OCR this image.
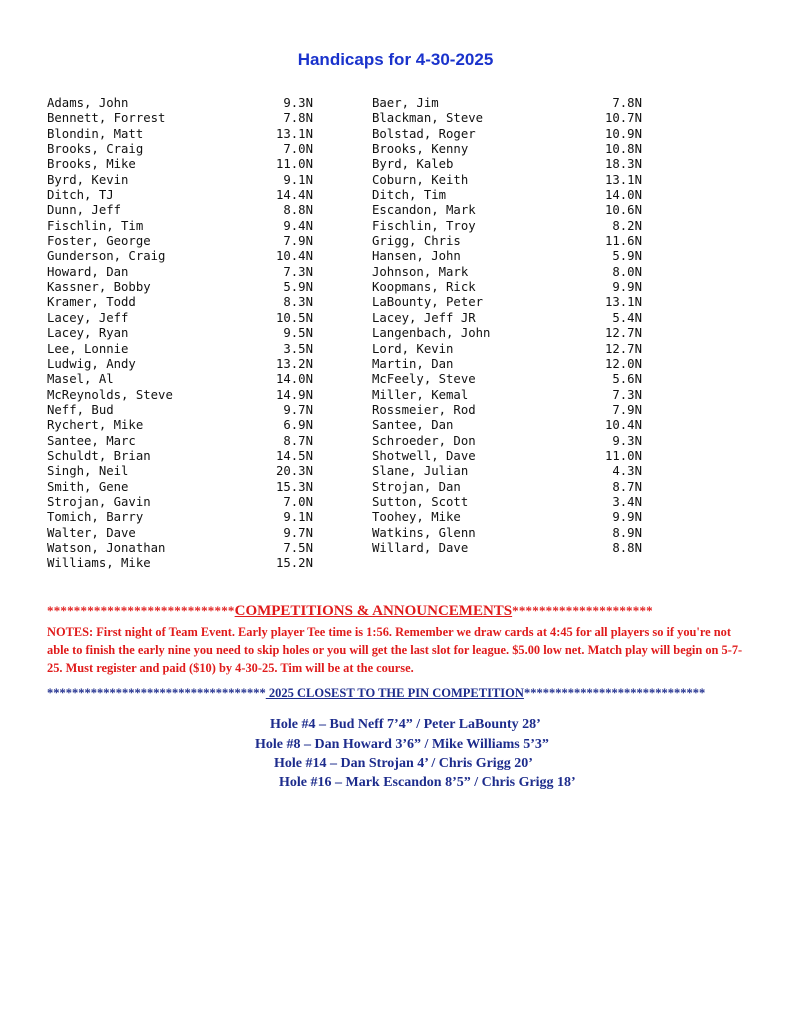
Handicaps for 4-30-2025
Adams, John	9.3N
Bennett, Forrest	7.8N
Blondin, Matt	13.1N
Brooks, Craig	7.0N
Brooks, Mike	11.0N
Byrd, Kevin	9.1N
Ditch, TJ	14.4N
Dunn, Jeff	8.8N
Fischlin, Tim	9.4N
Foster, George	7.9N
Gunderson, Craig	10.4N
Howard, Dan	7.3N
Kassner, Bobby	5.9N
Kramer, Todd	8.3N
Lacey, Jeff	10.5N
Lacey, Ryan	9.5N
Lee, Lonnie	3.5N
Ludwig, Andy	13.2N
Masel, Al	14.0N
McReynolds, Steve	14.9N
Neff, Bud	9.7N
Rychert, Mike	6.9N
Santee, Marc	8.7N
Schuldt, Brian	14.5N
Singh, Neil	20.3N
Smith, Gene	15.3N
Strojan, Gavin	7.0N
Tomich, Barry	9.1N
Walter, Dave	9.7N
Watson, Jonathan	7.5N
Williams, Mike	15.2N
Baer, Jim	7.8N
Blackman, Steve	10.7N
Bolstad, Roger	10.9N
Brooks, Kenny	10.8N
Byrd, Kaleb	18.3N
Coburn, Keith	13.1N
Ditch, Tim	14.0N
Escandon, Mark	10.6N
Fischlin, Troy	8.2N
Grigg, Chris	11.6N
Hansen, John	5.9N
Johnson, Mark	8.0N
Koopmans, Rick	9.9N
LaBounty, Peter	13.1N
Lacey, Jeff JR	5.4N
Langenbach, John	12.7N
Lord, Kevin	12.7N
Martin, Dan	12.0N
McFeely, Steve	5.6N
Miller, Kemal	7.3N
Rossmeier, Rod	7.9N
Santee, Dan	10.4N
Schroeder, Don	9.3N
Shotwell, Dave	11.0N
Slane, Julian	4.3N
Strojan, Dan	8.7N
Sutton, Scott	3.4N
Toohey, Mike	9.9N
Watkins, Glenn	8.9N
Willard, Dave	8.8N
****************************COMPETITIONS & ANNOUNCEMENTS*********************
NOTES: First night of Team Event. Early player Tee time is 1:56. Remember we draw cards at 4:45 for all players so if you're not able to finish the early nine you need to skip holes or you will get the last slot for league. $5.00 low net. Match play will begin on 5-7-25. Must register and paid ($10) by 4-30-25. Tim will be at the course.
*********************************** 2025 CLOSEST TO THE PIN COMPETITION*****************************
Hole #4 – Bud Neff 7’4” / Peter LaBounty 28’
Hole #8 – Dan Howard 3’6” / Mike Williams 5’3”
Hole #14 – Dan Strojan 4’ / Chris Grigg 20’
Hole #16 – Mark Escandon 8’5” / Chris Grigg 18’
